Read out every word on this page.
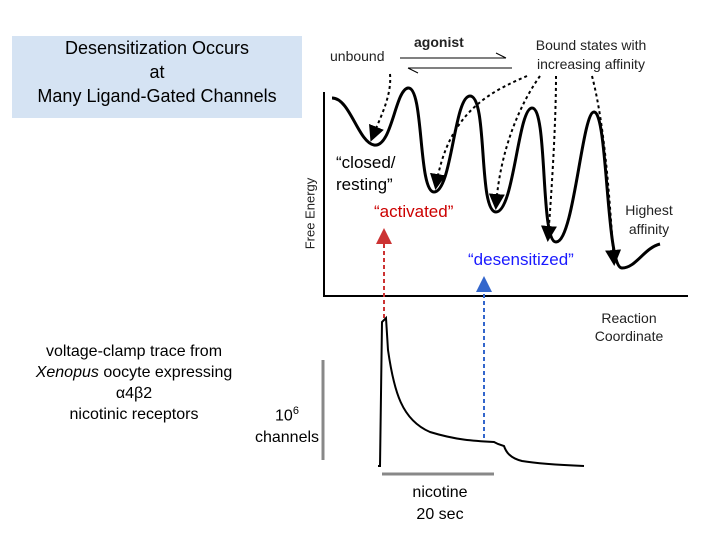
Desensitization Occurs
at
Many Ligand-Gated Channels
Free Energy
unbound
agonist	Bound states with
increasing affinity
“closed/
resting”
“activated”
“desensitized”
Highest
affinity
Reaction
Coordinate
voltage-clamp trace from
Xenopus oocyte expressing
α4β2
nicotinic receptors	$10^6$
channels
nicotine
20 sec
